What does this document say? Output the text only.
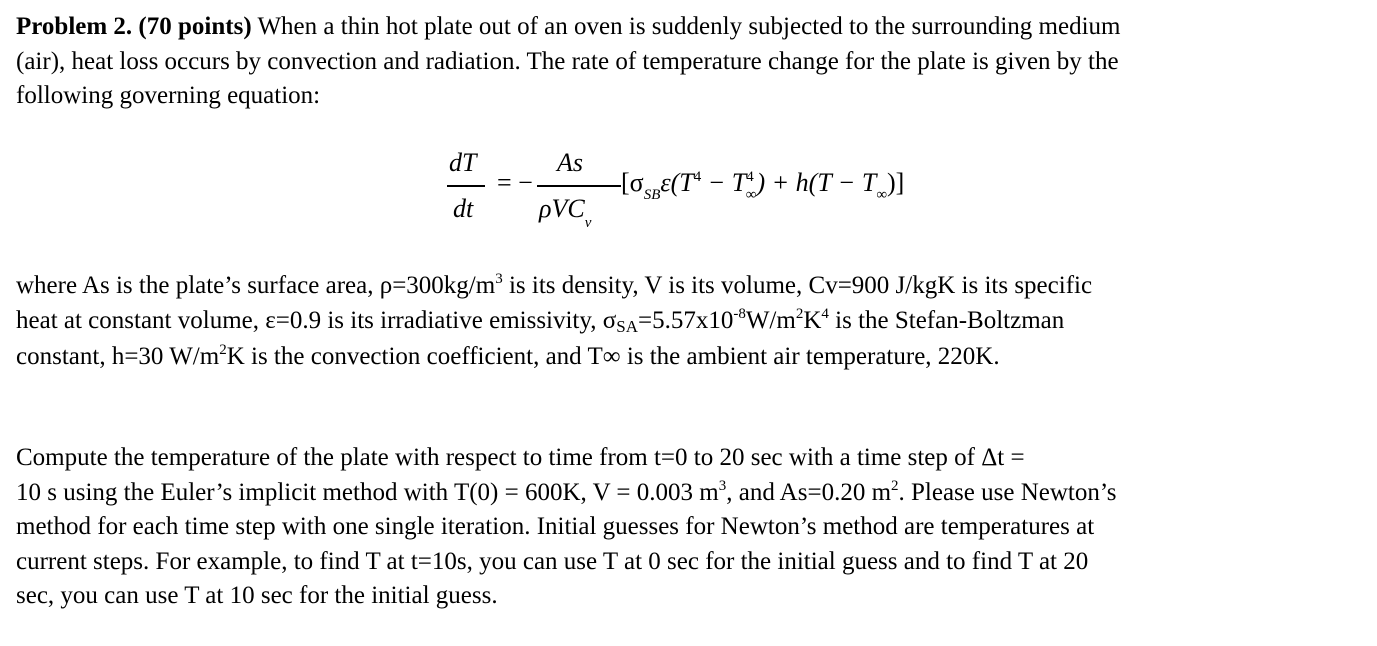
Problem 2. (70 points) When a thin hot plate out of an oven is suddenly subjected to the surrounding medium
(air), heat loss occurs by convection and radiation. The rate of temperature change for the plate is given by the
following governing equation:
dT
dt
= −
As
ρVC$_v$
$[\sigma_{SB}\varepsilon(T^4 - T^4_\infty) + h(T - T_\infty)]$
where As is the plate’s surface area, $\rho=300kg/m^3$ is its density, V is its volume, Cv=900 J/kgK is its specific
heat at constant volume, ε=0.9 is its irradiative emissivity, $\sigma SA=5.57x10^{-8}W/m^2K^4$ is the Stefan-Boltzman
constant, h=30 $W/m^2K$ is the convection coefficient, and T∞ is the ambient air temperature, 220K.
Compute the temperature of the plate with respect to time from t=0 to 20 sec with a time step of Δt =
10 s using the Euler’s implicit method with T(0) = 600K, V = 0.003 $m^3$, and As=0.20 $m^2$. Please use Newton’s
method for each time step with one single iteration. Initial guesses for Newton’s method are temperatures at
current steps. For example, to find T at t=10s, you can use T at 0 sec for the initial guess and to find T at 20
sec, you can use T at 10 sec for the initial guess.
